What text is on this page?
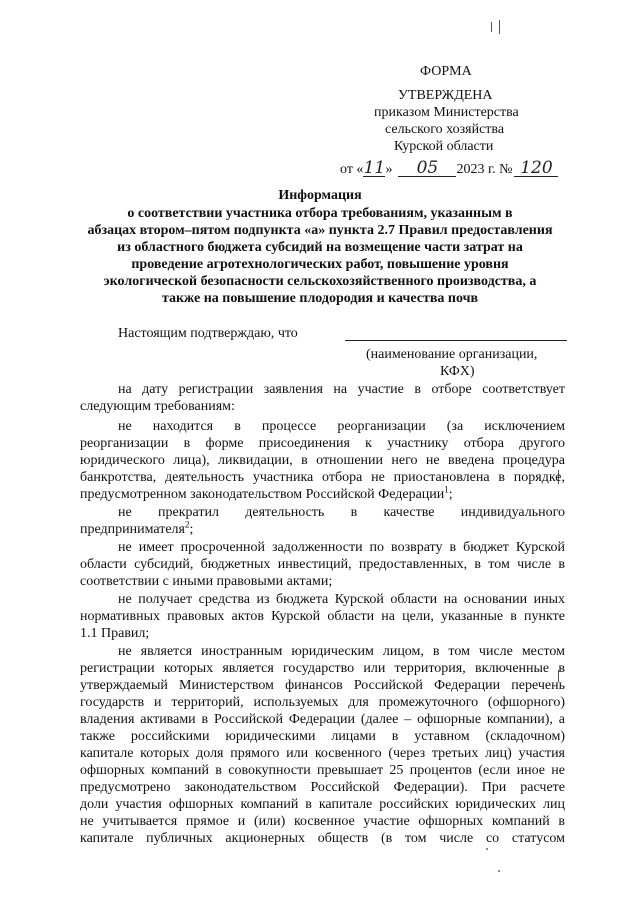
ФОРМА
УТВЕРЖДЕНА
приказом Министерства
сельского хозяйства
Курской области
от «11» 05 2023 г. № 120
Информация
о соответствии участника отбора требованиям, указанным в
абзацах втором–пятом подпункта «а» пункта 2.7 Правил предоставления
из областного бюджета субсидий на возмещение части затрат на
проведение агротехнологических работ, повышение уровня
экологической безопасности сельскохозяйственного производства, а
также на повышение плодородия и качества почв
Настоящим подтверждаю, что
(наименование организации,
КФХ)
на дату регистрации заявления на участие в отборе соответствует
следующим требованиям:
не находится в процессе реорганизации (за исключением
реорганизации в форме присоединения к участнику отбора другого
юридического лица), ликвидации, в отношении него не введена процедура
банкротства, деятельность участника отбора не приостановлена в порядке,
предусмотренном законодательством Российской Федерации$^1$;
не прекратил деятельность в качестве индивидуального
предпринимателя$^2$;
не имеет просроченной задолженности по возврату в бюджет Курской
области субсидий, бюджетных инвестиций, предоставленных, в том числе в
соответствии с иными правовыми актами;
не получает средства из бюджета Курской области на основании иных
нормативных правовых актов Курской области на цели, указанные в пункте
1.1 Правил;
не является иностранным юридическим лицом, в том числе местом
регистрации которых является государство или территория, включенные в
утверждаемый Министерством финансов Российской Федерации перечень
государств и территорий, используемых для промежуточного (офшорного)
владения активами в Российской Федерации (далее – офшорные компании), а
также российскими юридическими лицами в уставном (складочном)
капитале которых доля прямого или косвенного (через третьих лиц) участия
офшорных компаний в совокупности превышает 25 процентов (если иное не
предусмотрено законодательством Российской Федерации). При расчете
доли участия офшорных компаний в капитале российских юридических лиц
не учитывается прямое и (или) косвенное участие офшорных компаний в
капитале публичных акционерных обществ (в том числе со статусом
